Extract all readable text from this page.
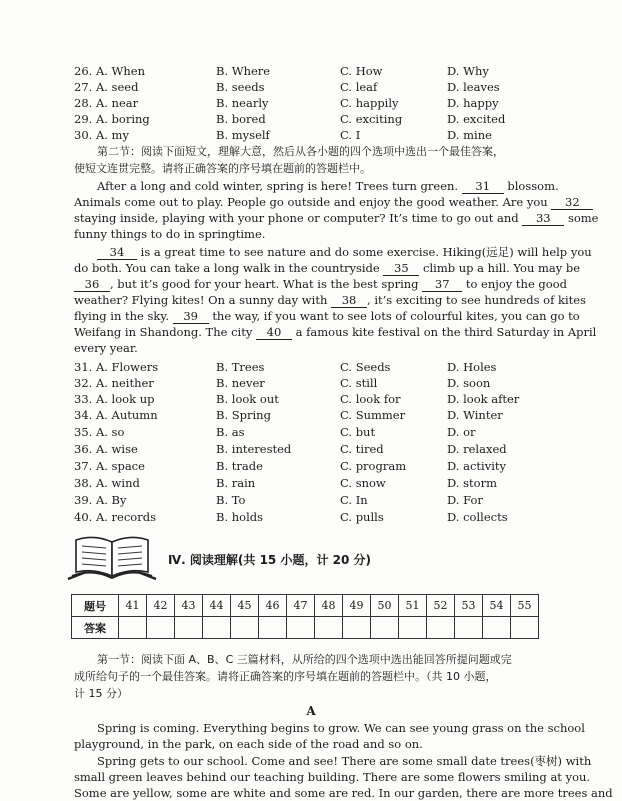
26. A. When	B. Where	C. How	D. Why
27. A. seed	B. seeds	C. leaf	D. leaves
28. A. near	B. nearly	C. happily	D. happy
29. A. boring	B. bored	C. exciting	D. excited
30. A. my	B. myself	C. I	D. mine
第二节：阅读下面短文，理解大意，然后从各小题的四个选项中选出一个最佳答案，
使短文连贯完整。请将正确答案的序号填在题前的答题栏中。
After a long and cold winter, spring is here! Trees turn green. 31 blossom.
Animals come out to play. People go outside and enjoy the good weather. Are you 32
staying inside, playing with your phone or computer? It’s time to go out and 33 some
funny things to do in springtime.
34 is a great time to see nature and do some exercise. Hiking(远足) will help you
do both. You can take a long walk in the countryside 35 climb up a hill. You may be
36 , but it’s good for your heart. What is the best spring 37 to enjoy the good
weather? Flying kites! On a sunny day with 38 , it’s exciting to see hundreds of kites
flying in the sky. 39 the way, if you want to see lots of colourful kites, you can go to
Weifang in Shandong. The city 40 a famous kite festival on the third Saturday in April
every year.
31. A. Flowers	B. Trees	C. Seeds	D. Holes
32. A. neither	B. never	C. still	D. soon
33. A. look up	B. look out	C. look for	D. look after
34. A. Autumn	B. Spring	C. Summer	D. Winter
35. A. so	B. as	C. but	D. or
36. A. wise	B. interested	C. tired	D. relaxed
37. A. space	B. trade	C. program	D. activity
38. A. wind	B. rain	C. snow	D. storm
39. A. By	B. To	C. In	D. For
40. A. records	B. holds	C. pulls	D. collects
Ⅳ. 阅读理解(共 15 小题，计 20 分)
题号	41	42	43	44	45	46	47	48	49	50	51	52	53	54	55
答案															
第一节：阅读下面 A、B、C 三篇材料，从所给的四个选项中选出能回答所提问题或完
成所给句子的一个最佳答案。请将正确答案的序号填在题前的答题栏中。（共 10 小题，
计 15 分）
A
Spring is coming. Everything begins to grow. We can see young grass on the school
playground, in the park, on each side of the road and so on.
Spring gets to our school. Come and see! There are some small date trees(枣树) with
small green leaves behind our teaching building. There are some flowers smiling at you.
Some are yellow, some are white and some are red. In our garden, there are more trees and
